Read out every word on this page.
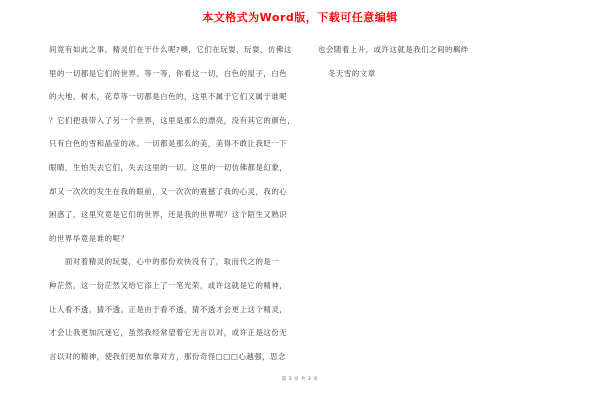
本文格式为Word版，下载可任意编辑
间竟有如此之事。精灵们在干什么呢?噢，它们在玩耍，玩耍，仿佛这
里的一切都是它们的世界。等一等，你看这一切，白色的屋子，白色
的大地，树木，花草等一切都是白色的，这里不属于它们又属于谁呢
？它们把我带入了另一个世界，这里是那么的漂亮，没有其它的颜色，
只有白色的雪和晶莹的冰。一切都是那么的美，美得不敢让我眨一下
眼睛，生怕失去它们，失去这里的一切。这里的一切仿佛都是幻象，
却又一次次的发生在我的眼前，又一次次的震撼了我的心灵，我的心
困惑了，这里究竟是它们的世界，还是我的世界呢？这个陌生又熟识
的世界毕竟是谁的呢？
　　面对着精灵的玩耍，心中的那份欢快没有了，取而代之的是一
种茫然，这一份茫然又给它添上了一笔光荣，或许这就是它的精神，
让人看不透，猜不透。正是由于看不透，猜不透才会更上这个精灵，
才会让我更加沉迷它，虽然我经常望着它无言以对，或许正是这份无
言以对的精神，使我们更加依靠对方，那份奇怪□□□心越强，思念
也会随着上升，或许这就是我们之间的羁绊
冬天雪的文章
第 3 页 共 3 页
